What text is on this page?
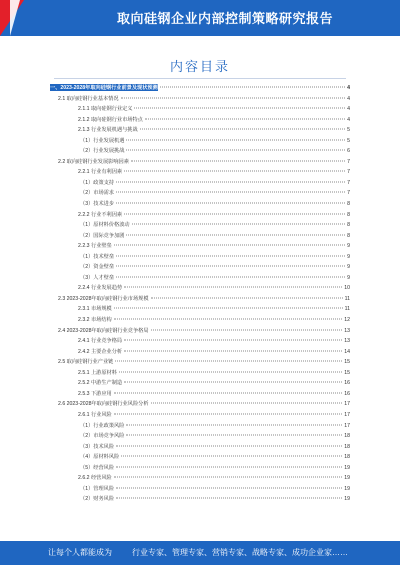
取向硅钢企业内部控制策略研究报告
内容目录
一、2023-2028年取向硅钢行业前景及现状预测	4
2.1 取向硅钢行业基本情况	4
2.1.1 取向硅钢行业定义	4
2.1.2 取向硅钢行业市场特点	4
2.1.3 行业发展机遇与挑战	5
（1）行业发展机遇	5
（2）行业发展挑战	6
2.2 取向硅钢行业发展影响因素	7
2.2.1 行业有利因素	7
（1）政策支持	7
（2）市场需求	7
（3）技术进步	8
2.2.2 行业不利因素	8
（1）原材料价格波动	8
（2）国际竞争加剧	8
2.2.3 行业壁垒	9
（1）技术壁垒	9
（2）资金壁垒	9
（3）人才壁垒	9
2.2.4 行业发展趋势	10
2.3 2023-2028年取向硅钢行业市场规模	11
2.3.1 市场规模	11
2.3.2 市场结构	12
2.4 2023-2028年取向硅钢行业竞争格局	13
2.4.1 行业竞争格局	13
2.4.2 主要企业分析	14
2.5 取向硅钢行业产业链	15
2.5.1 上游原材料	15
2.5.2 中游生产制造	16
2.5.3 下游应用	16
2.6 2023-2028年取向硅钢行业风险分析	17
2.6.1 行业风险	17
（1）行业政策风险	17
（2）市场竞争风险	18
（3）技术风险	18
（4）原材料风险	18
（5）经营风险	19
2.6.2 经营风险	19
（1）管理风险	19
（2）财务风险	19
让每个人都能成为	行业专家、管理专家、营销专家、战略专家、成功企业家……
